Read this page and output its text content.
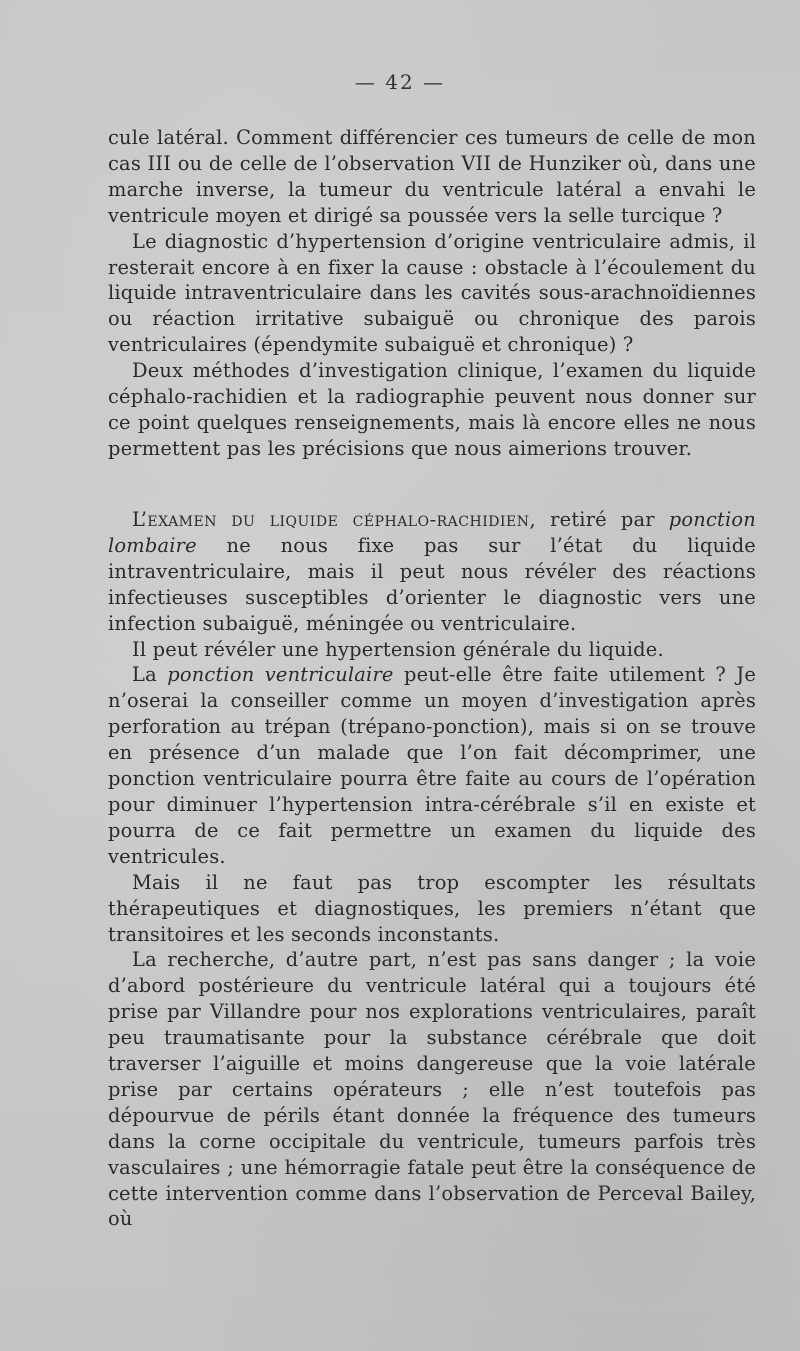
— 42 —

cule latéral. Comment différencier ces tumeurs de celle de mon cas III ou de celle de l’observation VII de Hunziker où, dans une marche inverse, la tumeur du ventricule latéral a envahi le ventricule moyen et dirigé sa poussée vers la selle turcique ?

Le diagnostic d’hypertension d’origine ventriculaire admis, il resterait encore à en fixer la cause : obstacle à l’écoulement du liquide intraventriculaire dans les cavités sous-arachnoïdiennes ou réaction irritative subaiguë ou chronique des parois ventriculaires (épendymite subaiguë et chronique) ?

Deux méthodes d’investigation clinique, l’examen du liquide céphalo-rachidien et la radiographie peuvent nous donner sur ce point quelques renseignements, mais là encore elles ne nous permettent pas les précisions que nous aimerions trouver.

L’examen du liquide céphalo-rachidien, retiré par ponction lombaire ne nous fixe pas sur l’état du liquide intraventriculaire, mais il peut nous révéler des réactions infectieuses susceptibles d’orienter le diagnostic vers une infection subaiguë, méningée ou ventriculaire.

Il peut révéler une hypertension générale du liquide.

La ponction ventriculaire peut-elle être faite utilement ? Je n’oserai la conseiller comme un moyen d’investigation après perforation au trépan (trépano-ponction), mais si on se trouve en présence d’un malade que l’on fait décomprimer, une ponction ventriculaire pourra être faite au cours de l’opération pour diminuer l’hypertension intra-cérébrale s’il en existe et pourra de ce fait permettre un examen du liquide des ventricules.

Mais il ne faut pas trop escompter les résultats thérapeutiques et diagnostiques, les premiers n’étant que transitoires et les seconds inconstants.

La recherche, d’autre part, n’est pas sans danger ; la voie d’abord postérieure du ventricule latéral qui a toujours été prise par Villandre pour nos explorations ventriculaires, paraît peu traumatisante pour la substance cérébrale que doit traverser l’aiguille et moins dangereuse que la voie latérale prise par certains opérateurs ; elle n’est toutefois pas dépourvue de périls étant donnée la fréquence des tumeurs dans la corne occipitale du ventricule, tumeurs parfois très vasculaires ; une hémorragie fatale peut être la conséquence de cette intervention comme dans l’observation de Perceval Bailey, où
